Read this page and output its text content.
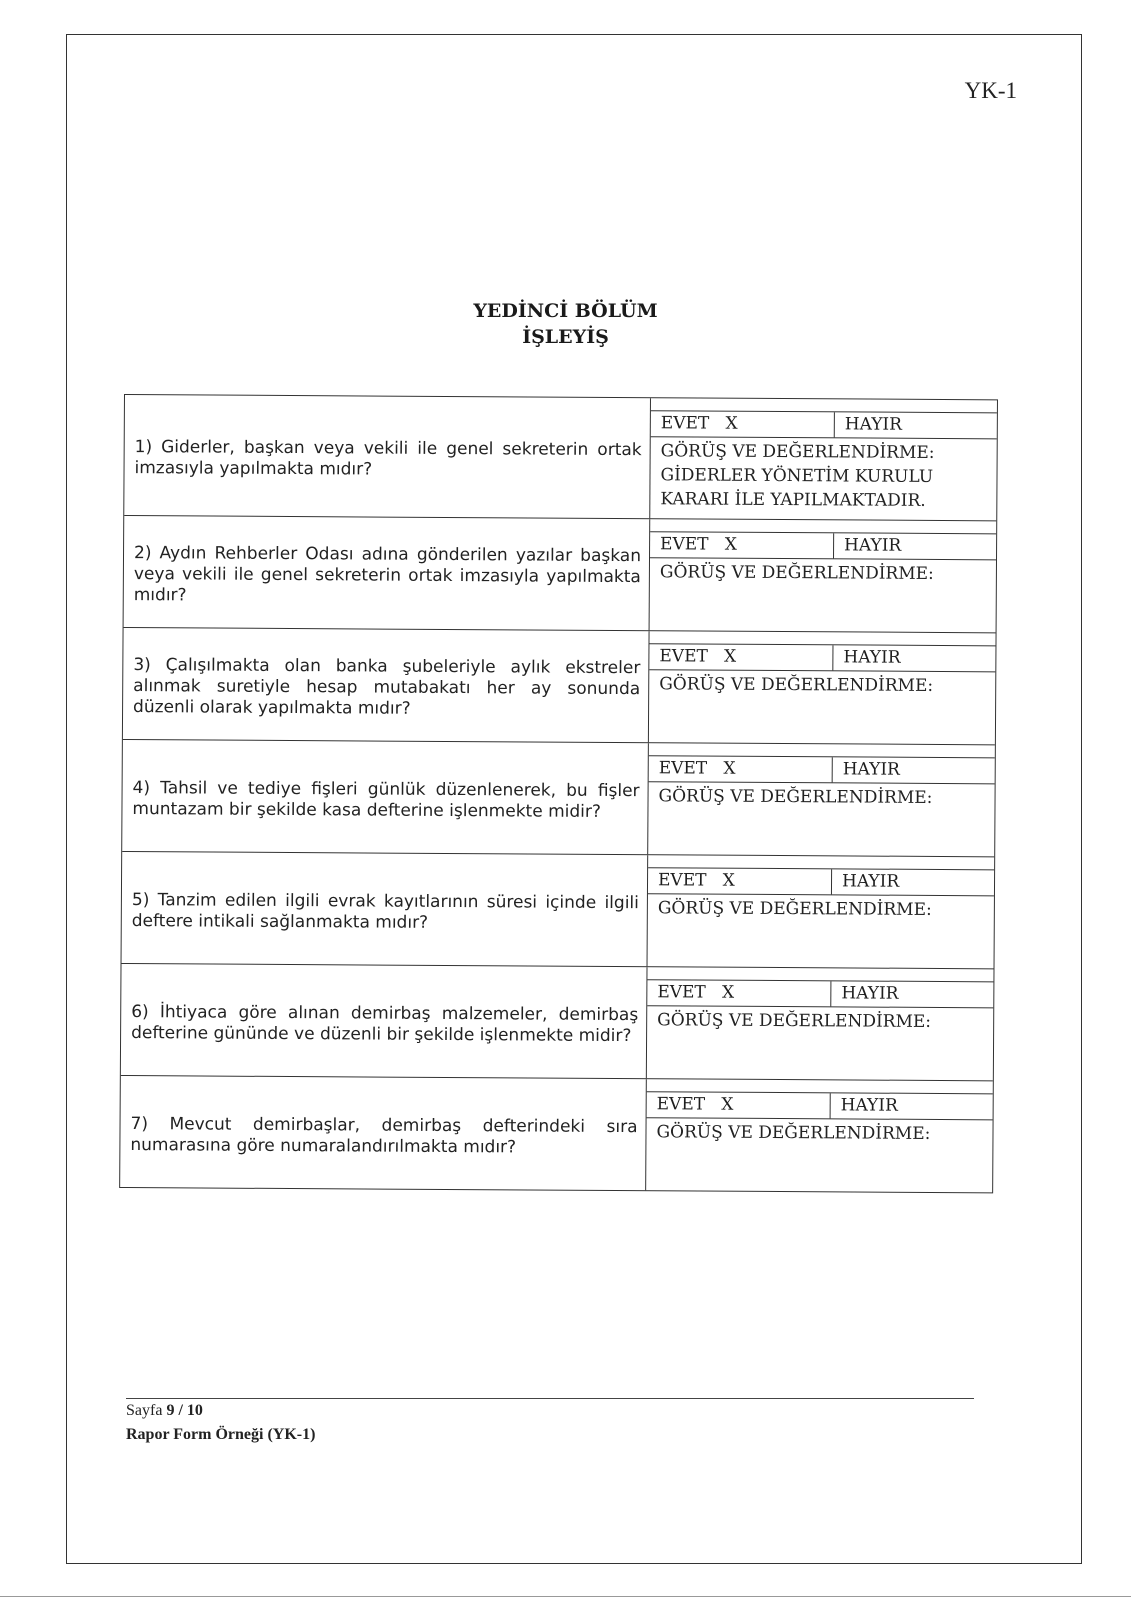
YK-1
YEDİNCİ BÖLÜM
İŞLEYİŞ
1) Giderler, başkan veya vekili ile genel sekreterin ortak imzasıyla yapılmakta mıdır?
EVET   X	HAYIR
GÖRÜŞ VE DEĞERLENDİRME:
GİDERLER YÖNETİM KURULU KARARI İLE YAPILMAKTADIR.
2) Aydın Rehberler Odası adına gönderilen yazılar başkan veya vekili ile genel sekreterin ortak imzasıyla yapılmakta mıdır?
EVET   X	HAYIR
GÖRÜŞ VE DEĞERLENDİRME:
3) Çalışılmakta olan banka şubeleriyle aylık ekstreler alınmak suretiyle hesap mutabakatı her ay sonunda düzenli olarak yapılmakta mıdır?
EVET   X	HAYIR
GÖRÜŞ VE DEĞERLENDİRME:
4) Tahsil ve tediye fişleri günlük düzenlenerek, bu fişler muntazam bir şekilde kasa defterine işlenmekte midir?
EVET   X	HAYIR
GÖRÜŞ VE DEĞERLENDİRME:
5) Tanzim edilen ilgili evrak kayıtlarının süresi içinde ilgili deftere intikali sağlanmakta mıdır?
EVET   X	HAYIR
GÖRÜŞ VE DEĞERLENDİRME:
6) İhtiyaca göre alınan demirbaş malzemeler, demirbaş defterine gününde ve düzenli bir şekilde işlenmekte midir?
EVET   X	HAYIR
GÖRÜŞ VE DEĞERLENDİRME:
7) Mevcut demirbaşlar, demirbaş defterindeki sıra numarasına göre numaralandırılmakta mıdır?
EVET   X	HAYIR
GÖRÜŞ VE DEĞERLENDİRME:
Sayfa 9 / 10
Rapor Form Örneği (YK-1)
